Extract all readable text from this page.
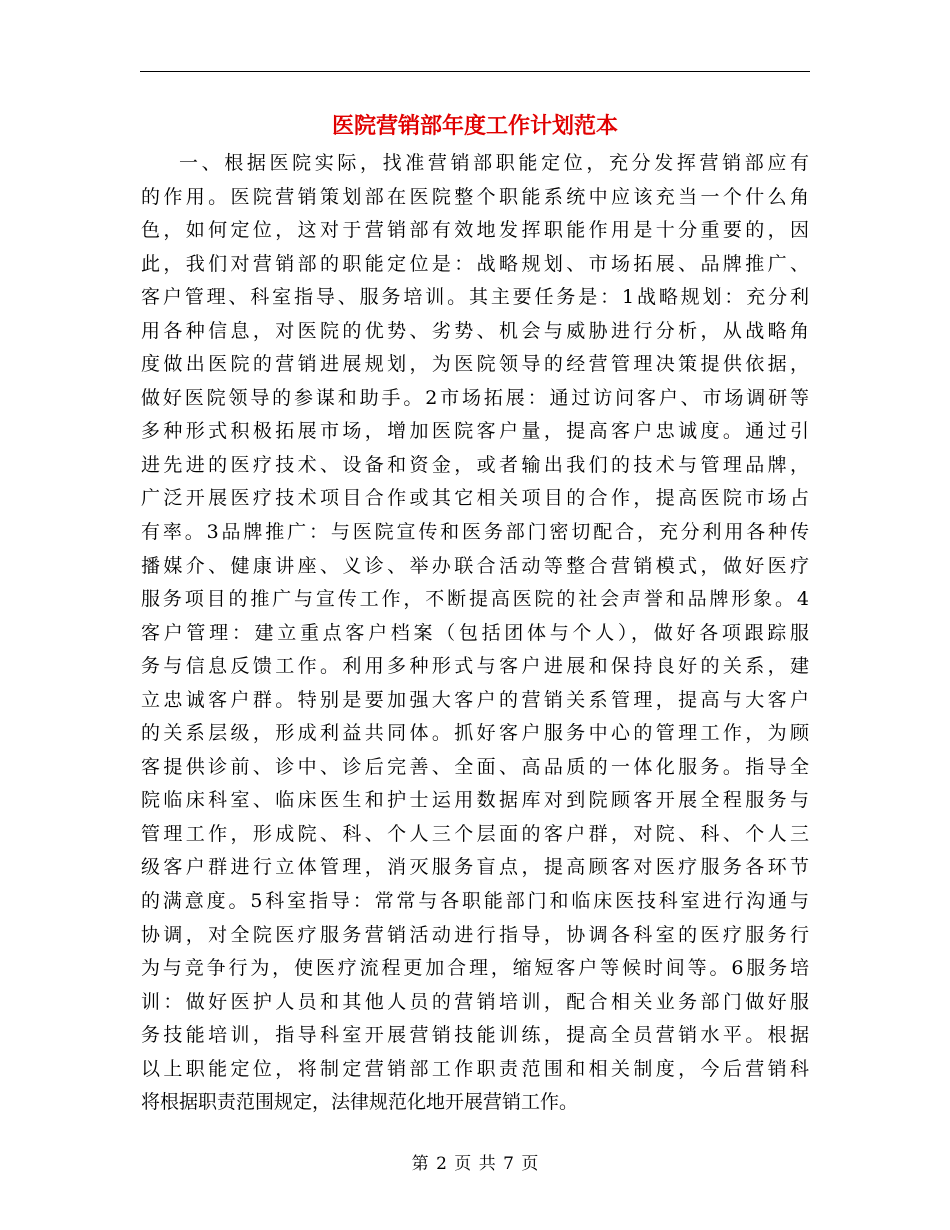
医院营销部年度工作计划范本
一、根据医院实际，找准营销部职能定位，充分发挥营销部应有
的作用。医院营销策划部在医院整个职能系统中应该充当一个什么角
色，如何定位，这对于营销部有效地发挥职能作用是十分重要的，因
此，我们对营销部的职能定位是：战略规划、市场拓展、品牌推广、
客户管理、科室指导、服务培训。其主要任务是：1战略规划：充分利
用各种信息，对医院的优势、劣势、机会与威胁进行分析，从战略角
度做出医院的营销进展规划，为医院领导的经营管理决策提供依据，
做好医院领导的参谋和助手。2市场拓展：通过访问客户、市场调研等
多种形式积极拓展市场，增加医院客户量，提高客户忠诚度。通过引
进先进的医疗技术、设备和资金，或者输出我们的技术与管理品牌，
广泛开展医疗技术项目合作或其它相关项目的合作，提高医院市场占
有率。3品牌推广：与医院宣传和医务部门密切配合，充分利用各种传
播媒介、健康讲座、义诊、举办联合活动等整合营销模式，做好医疗
服务项目的推广与宣传工作，不断提高医院的社会声誉和品牌形象。4
客户管理：建立重点客户档案（包括团体与个人），做好各项跟踪服
务与信息反馈工作。利用多种形式与客户进展和保持良好的关系，建
立忠诚客户群。特别是要加强大客户的营销关系管理，提高与大客户
的关系层级，形成利益共同体。抓好客户服务中心的管理工作，为顾
客提供诊前、诊中、诊后完善、全面、高品质的一体化服务。指导全
院临床科室、临床医生和护士运用数据库对到院顾客开展全程服务与
管理工作，形成院、科、个人三个层面的客户群，对院、科、个人三
级客户群进行立体管理，消灭服务盲点，提高顾客对医疗服务各环节
的满意度。5科室指导：常常与各职能部门和临床医技科室进行沟通与
协调，对全院医疗服务营销活动进行指导，协调各科室的医疗服务行
为与竞争行为，使医疗流程更加合理，缩短客户等候时间等。6服务培
训：做好医护人员和其他人员的营销培训，配合相关业务部门做好服
务技能培训，指导科室开展营销技能训练，提高全员营销水平。根据
以上职能定位，将制定营销部工作职责范围和相关制度，今后营销科
将根据职责范围规定，法律规范化地开展营销工作。
第 2 页 共 7 页
